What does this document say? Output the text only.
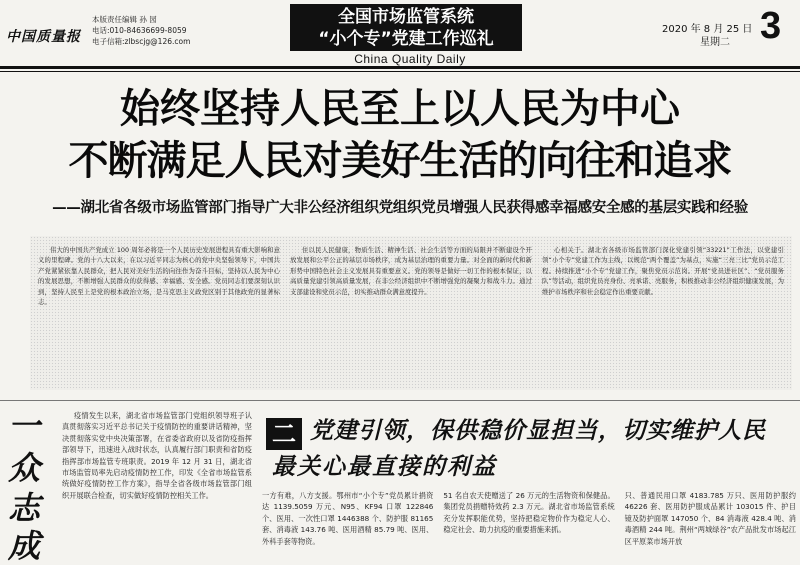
中国质量报
本版责任编辑 孙 园
电话:010-84636699-8059
电子信箱:zlbscjg@126.com
全国市场监管系统
“小个专”党建工作巡礼
China Quality Daily
2020 年 8 月 25 日
星期二 3
始终坚持人民至上以人民为中心
不断满足人民对美好生活的向往和追求
——湖北省各级市场监管部门指导广大非公经济组织党组织党员增强人民获得感幸福感安全感的基层实践和经验
伟大的中国共产党成立 100 周年必将是一个人民历史发展进程具有重大影响和意义的里程碑。党的十八大以来，在以习近平同志为核心的党中央坚强领导下，中国共产党紧紧依靠人民群众，把人民对美好生活的向往作为奋斗目标，坚持以人民为中心的发展思想，不断增强人民群众的获得感、幸福感、安全感。党员同志们要深刻认识到，坚持人民至上是党的根本政治立场，是马克思主义政党区别于其他政党的显著标志。
住以民人民健康，物质生活、精神生活、社会生活等方面的局限并不断建设个开放发展和公平公正的基层市场秩序，成为基层治理的重要力量。对全面的新时代和新形势中国特色社会主义发展具有重要意义。党的领导是做好一切工作的根本保证，以高质量党建引领高质量发展，在非公经济组织中不断增强党的凝聚力和战斗力。通过支部建设和党员示范，切实推动群众满意度提升。
心相关于。湖北省各级市场监管部门深化党建引领“33221”工作法，以党建引领“小个专”党建工作为主线，以规范“两个覆盖”为基点，实施“三亮三比”党员示范工程。持续推进“小个专”党建工作，聚焦党员示范岗。开展“党员进社区”、“党员服务队”等活动，组织党员亮身份、亮承诺、亮服务，积极推动非公经济组织健康发展，为维护市场秩序和社会稳定作出重要贡献。
一
众
志
成
疫情发生以来，湖北省市场监管部门党组织领导班子认真贯彻落实习近平总书记关于疫情防控的重要讲话精神，坚决贯彻落实党中央决策部署，在省委省政府以及省防疫指挥部领导下，迅速进入战时状态，认真履行部门职责和省防疫指挥部市场监管专班职责。2019 年 12 月 31 日，湖北省市场监管局率先启动疫情防控工作，印发《全省市场监管系统做好疫情防控工作方案》，指导全省各级市场监管部门组织开展联合检查，切实做好疫情防控相关工作。
二 党建引领，保供稳价显担当，切实维护人民
最关心最直接的利益
一方有难，八方支援。鄂州市“小个专”党员累计捐资达 1139.5059 万元、N95、KF94 口罩 122846 个、医用、一次性口罩 1446388 个、防护服 81165 套、消毒液 143.76 吨、医用酒精 85.79 吨、医用、外科手套等物资。
51 名自农天使赠送了 26 万元的生活物资和保健品。集团党员捐赠特效药 2.3 万元。湖北省市场监管系统充分发挥职能优势，坚持把稳定物价作为稳定人心、稳定社会、助力抗疫的重要措施来抓。
只、普通民用口罩 4183.785 万只、医用防护服约 46226 套、医用防护服成品累计 103015 件、护目镜及防护面罩 147050 个、84 消毒液 428.4 吨、消毒酒精 244 吨。荆州“两城绿谷”农产品批发市场起江区平原菜市场开放
